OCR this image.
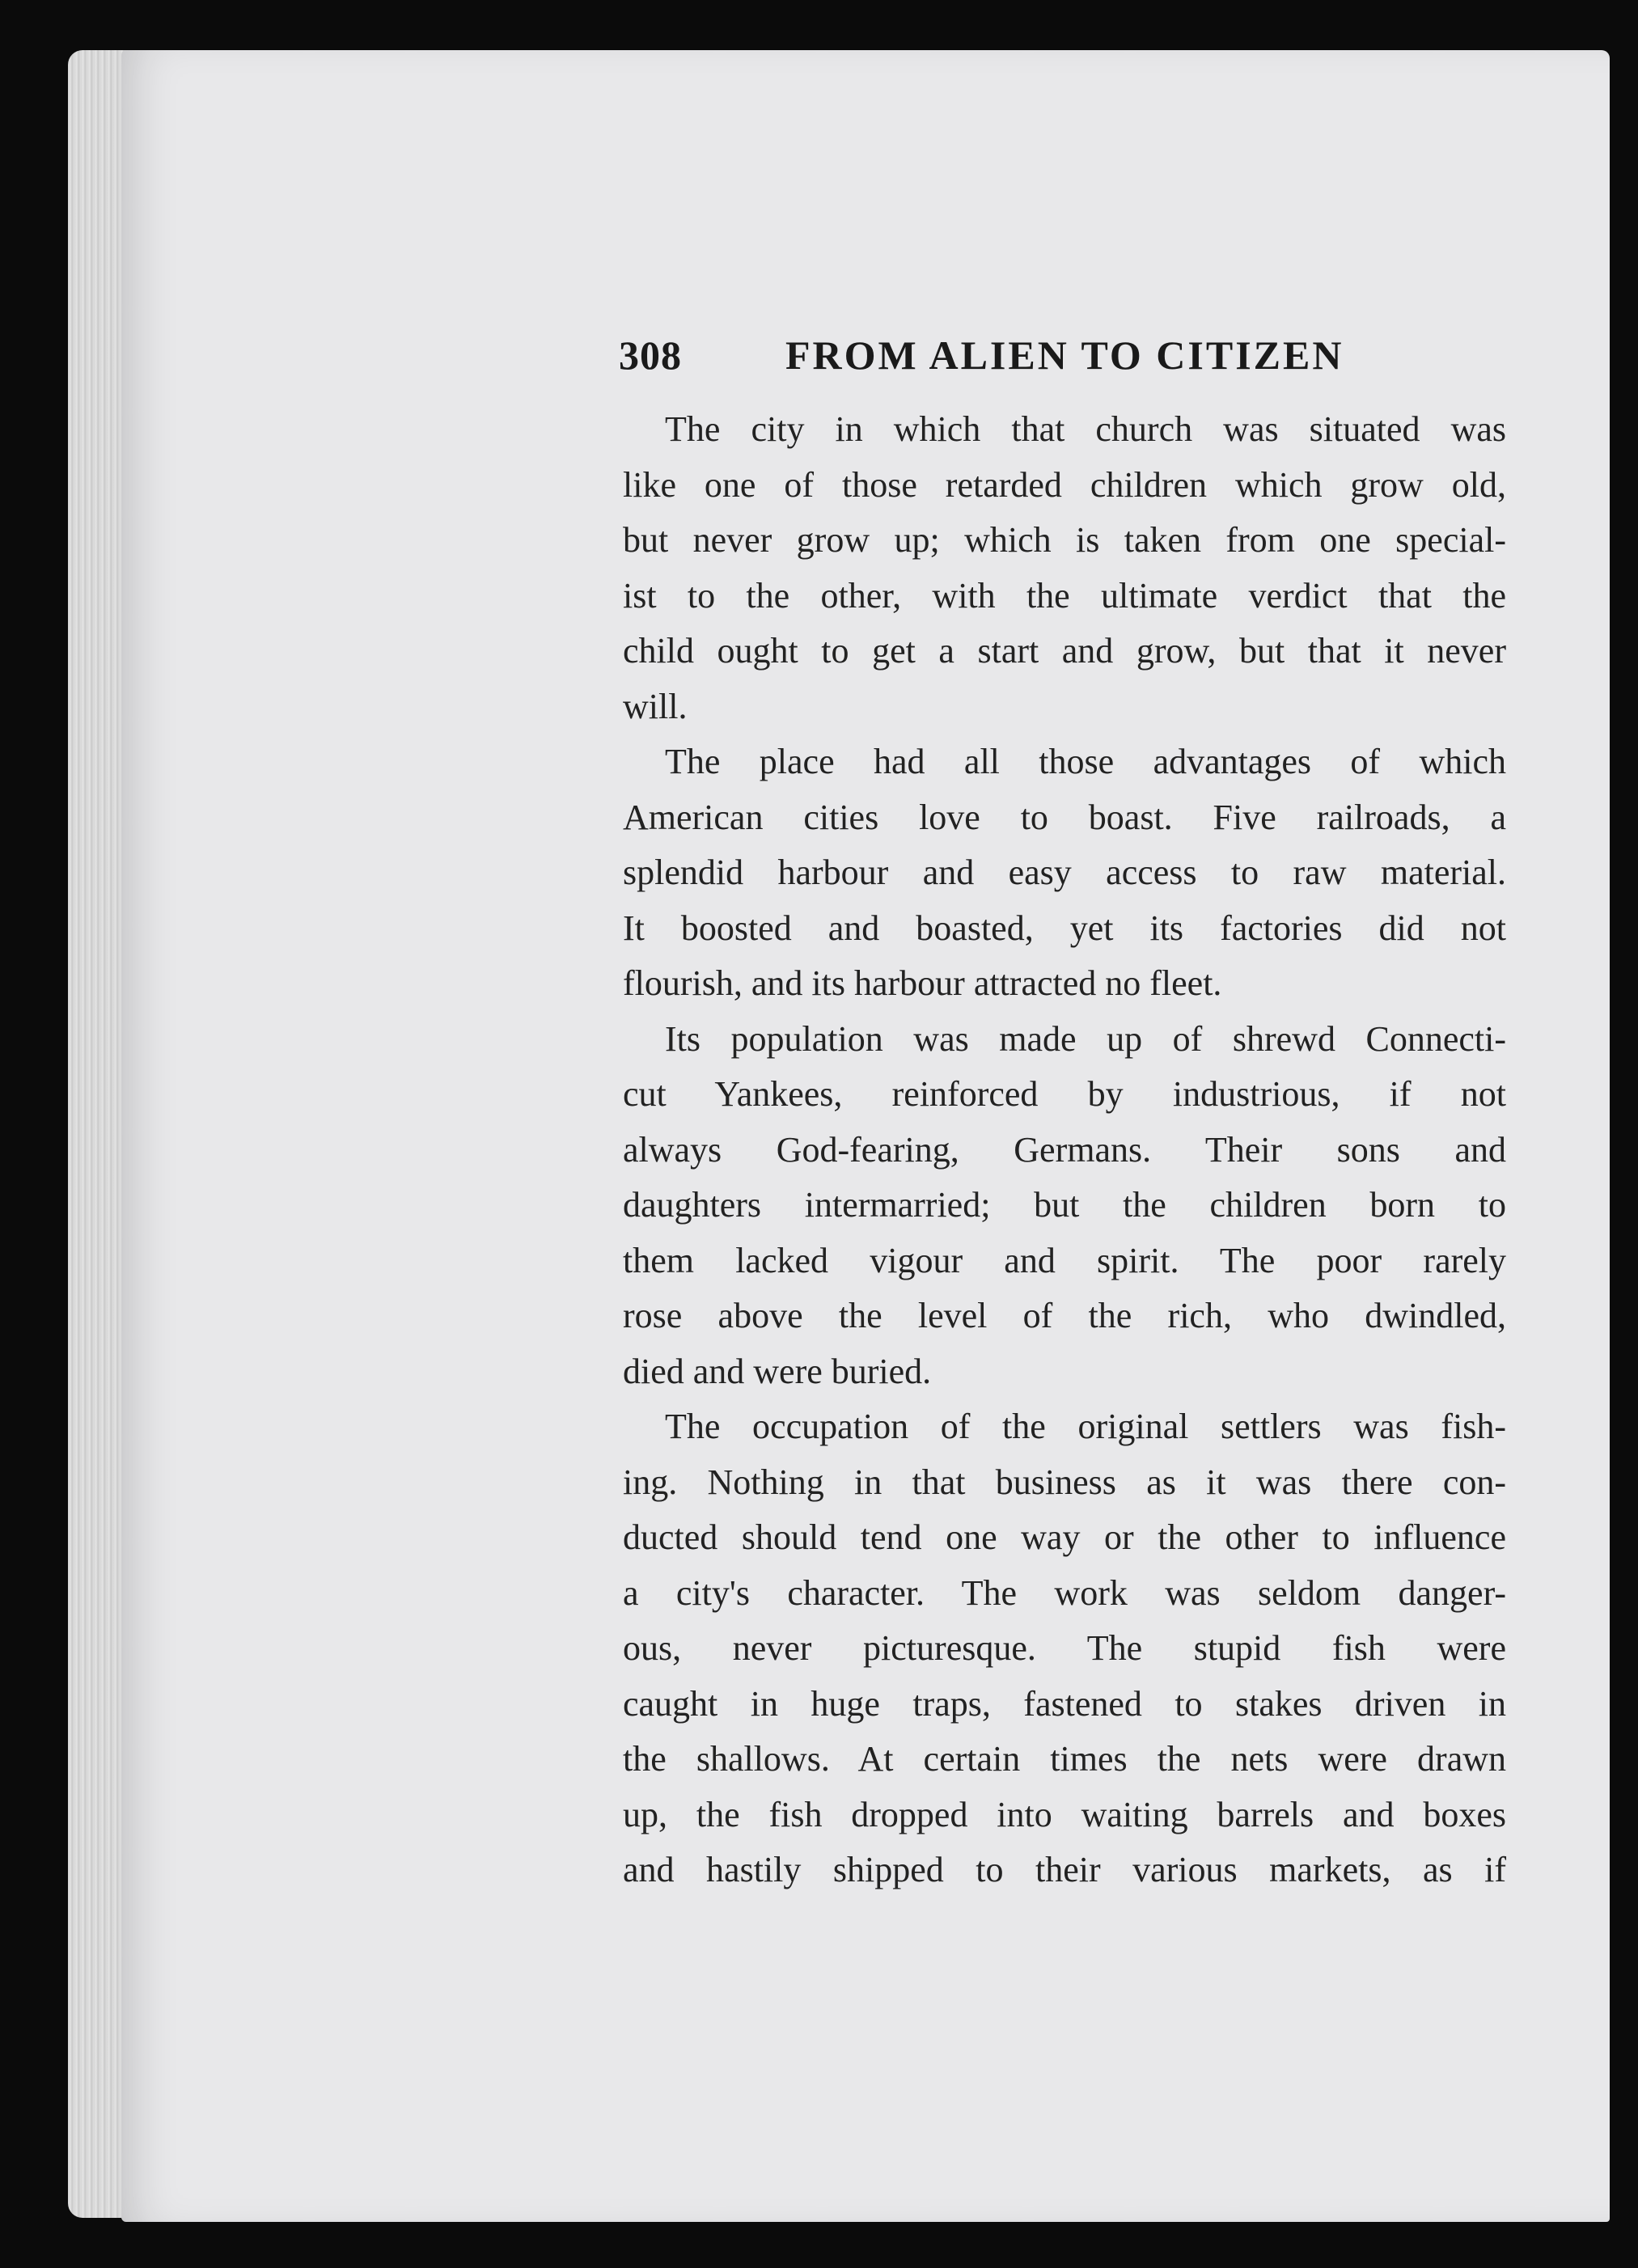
308	FROM ALIEN TO CITIZEN
The city in which that church was situated was
like one of those retarded children which grow old,
but never grow up; which is taken from one special-
ist to the other, with the ultimate verdict that the
child ought to get a start and grow, but that it never
will.
The place had all those advantages of which
American cities love to boast. Five railroads, a
splendid harbour and easy access to raw material.
It boosted and boasted, yet its factories did not
flourish, and its harbour attracted no fleet.
Its population was made up of shrewd Connecti-
cut Yankees, reinforced by industrious, if not
always God-fearing, Germans. Their sons and
daughters intermarried; but the children born to
them lacked vigour and spirit. The poor rarely
rose above the level of the rich, who dwindled,
died and were buried.
The occupation of the original settlers was fish-
ing. Nothing in that business as it was there con-
ducted should tend one way or the other to influence
a city's character. The work was seldom danger-
ous, never picturesque. The stupid fish were
caught in huge traps, fastened to stakes driven in
the shallows. At certain times the nets were drawn
up, the fish dropped into waiting barrels and boxes
and hastily shipped to their various markets, as if
